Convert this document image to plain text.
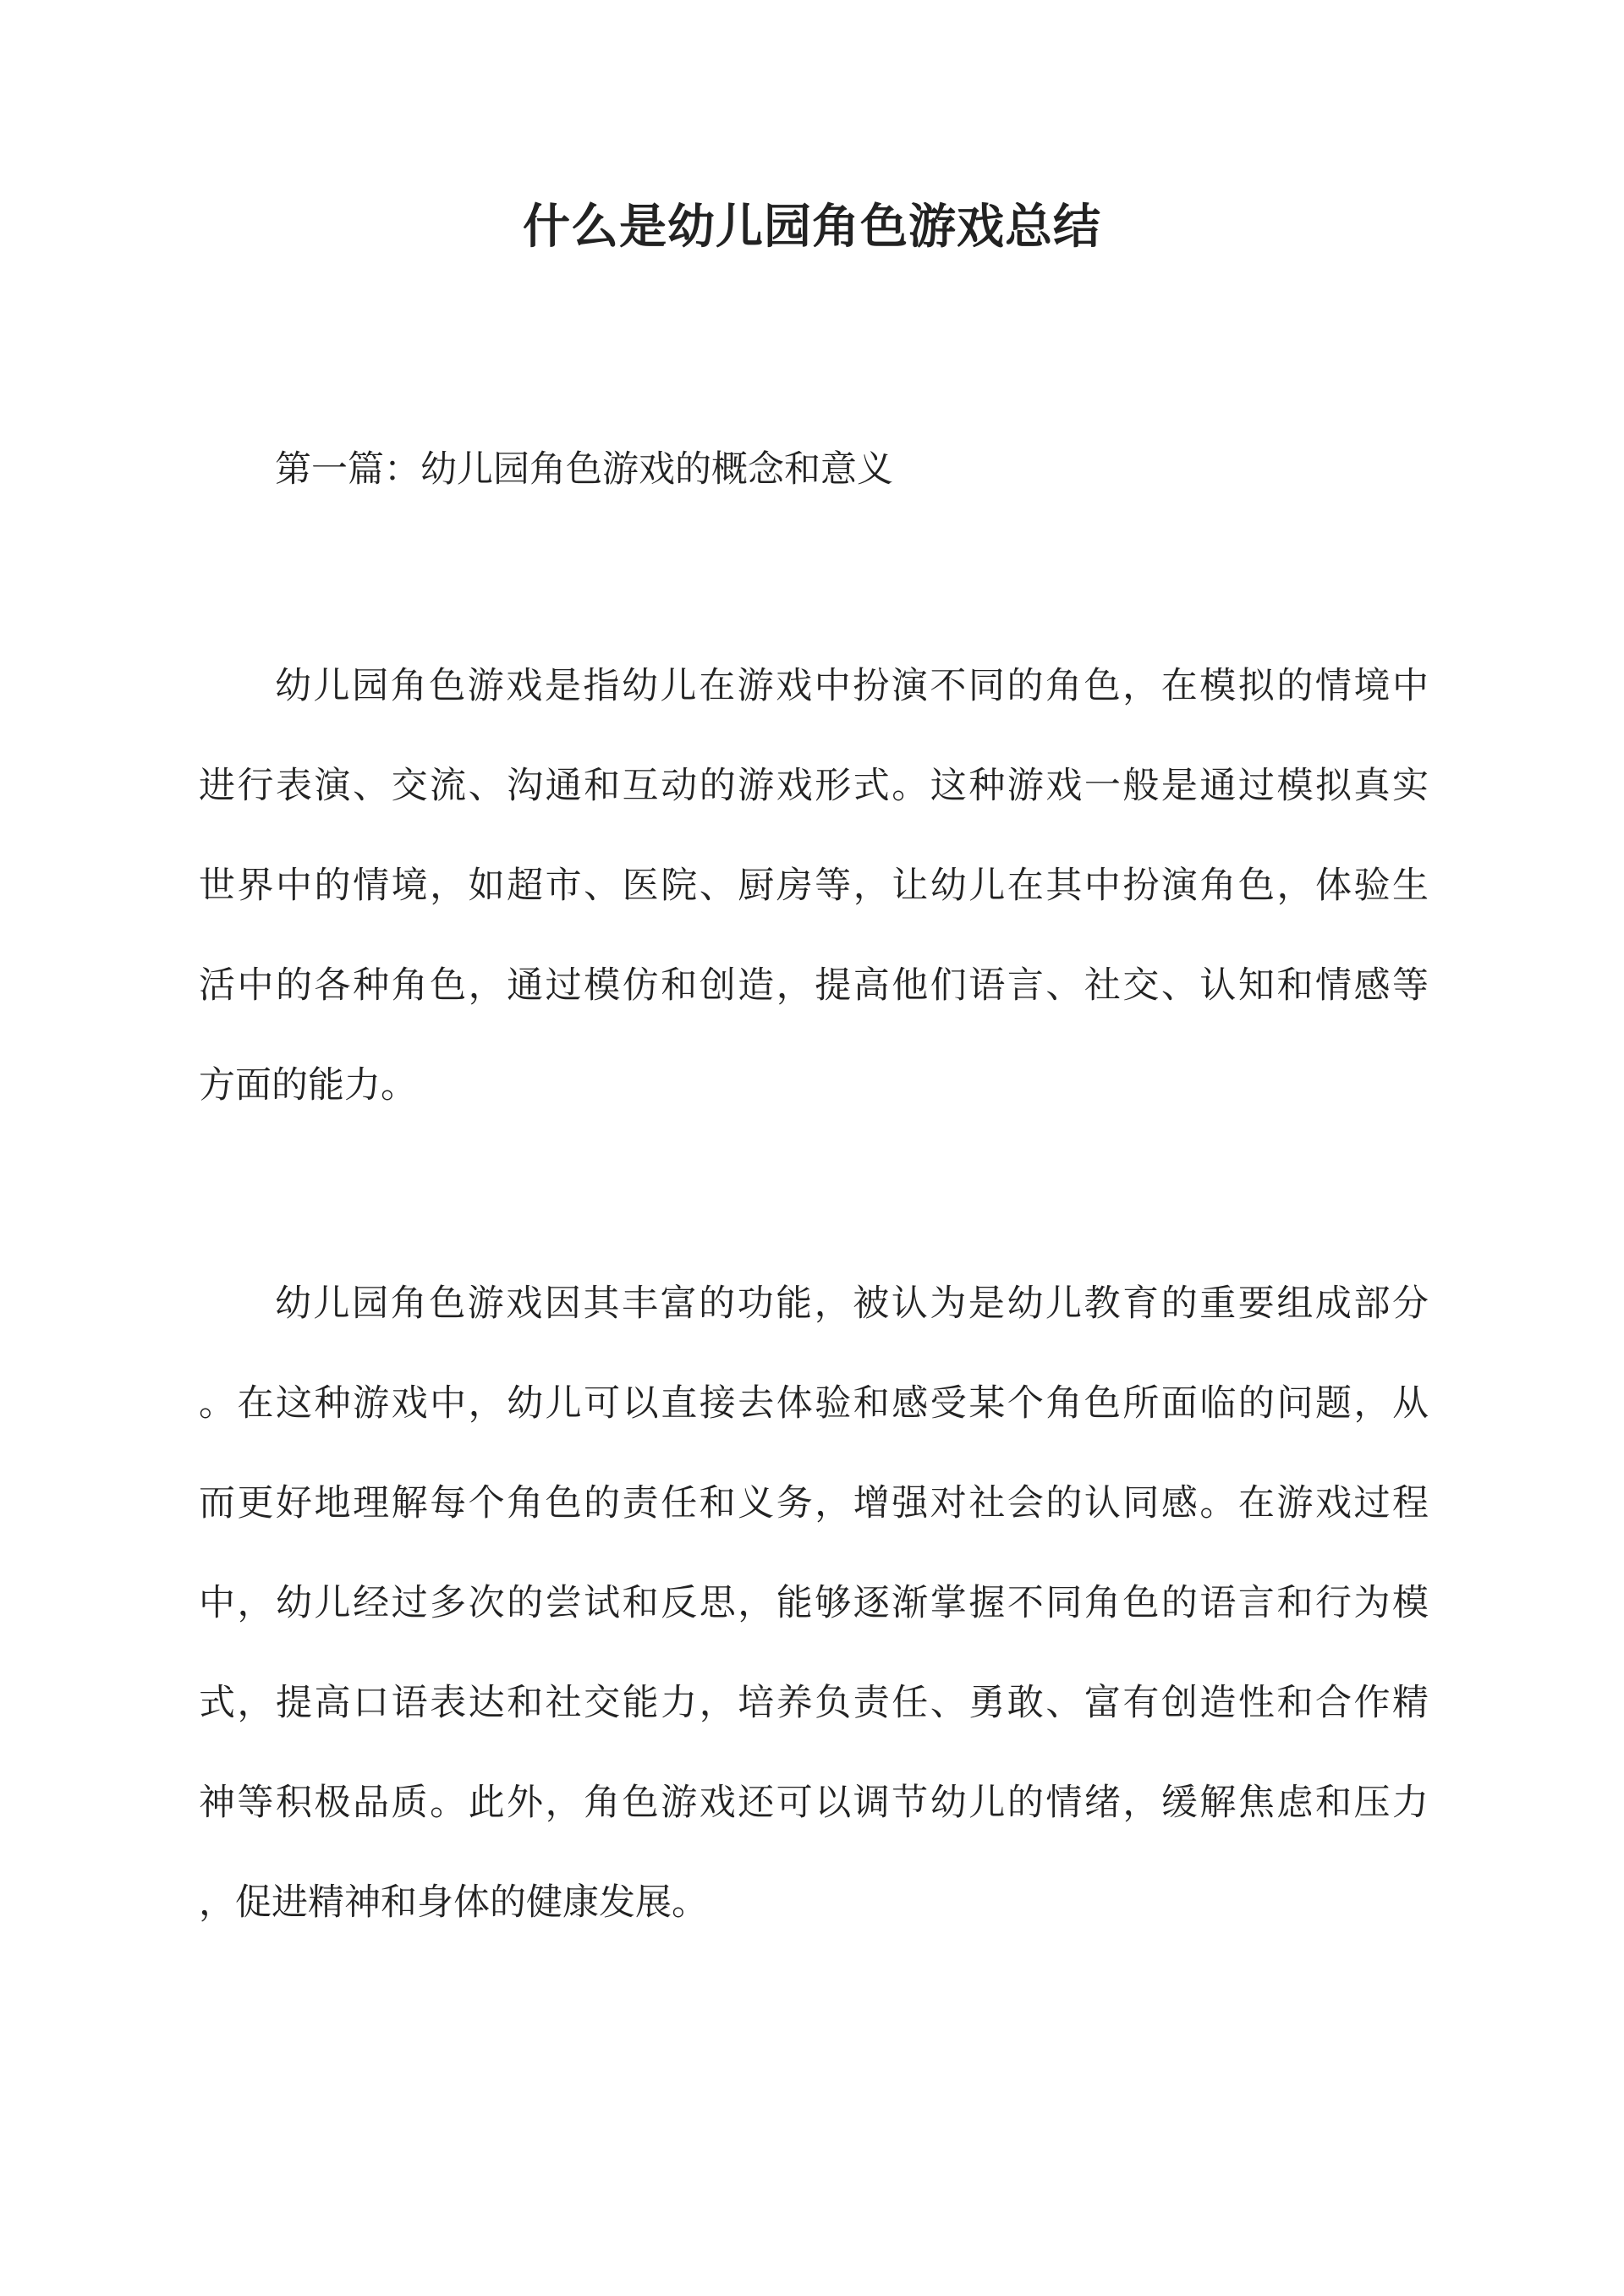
什么是幼儿园角色游戏总结

第一篇：幼儿园角色游戏的概念和意义

幼儿园角色游戏是指幼儿在游戏中扮演不同的角色，在模拟的情境中
进行表演、交流、沟通和互动的游戏形式。这种游戏一般是通过模拟真实
世界中的情境，如超市、医院、厨房等，让幼儿在其中扮演角色，体验生
活中的各种角色，通过模仿和创造，提高他们语言、社交、认知和情感等
方面的能力。

幼儿园角色游戏因其丰富的功能，被认为是幼儿教育的重要组成部分
。在这种游戏中，幼儿可以直接去体验和感受某个角色所面临的问题，从
而更好地理解每个角色的责任和义务，增强对社会的认同感。在游戏过程
中，幼儿经过多次的尝试和反思，能够逐渐掌握不同角色的语言和行为模
式，提高口语表达和社交能力，培养负责任、勇敢、富有创造性和合作精
神等积极品质。此外，角色游戏还可以调节幼儿的情绪，缓解焦虑和压力
，促进精神和身体的健康发展。
